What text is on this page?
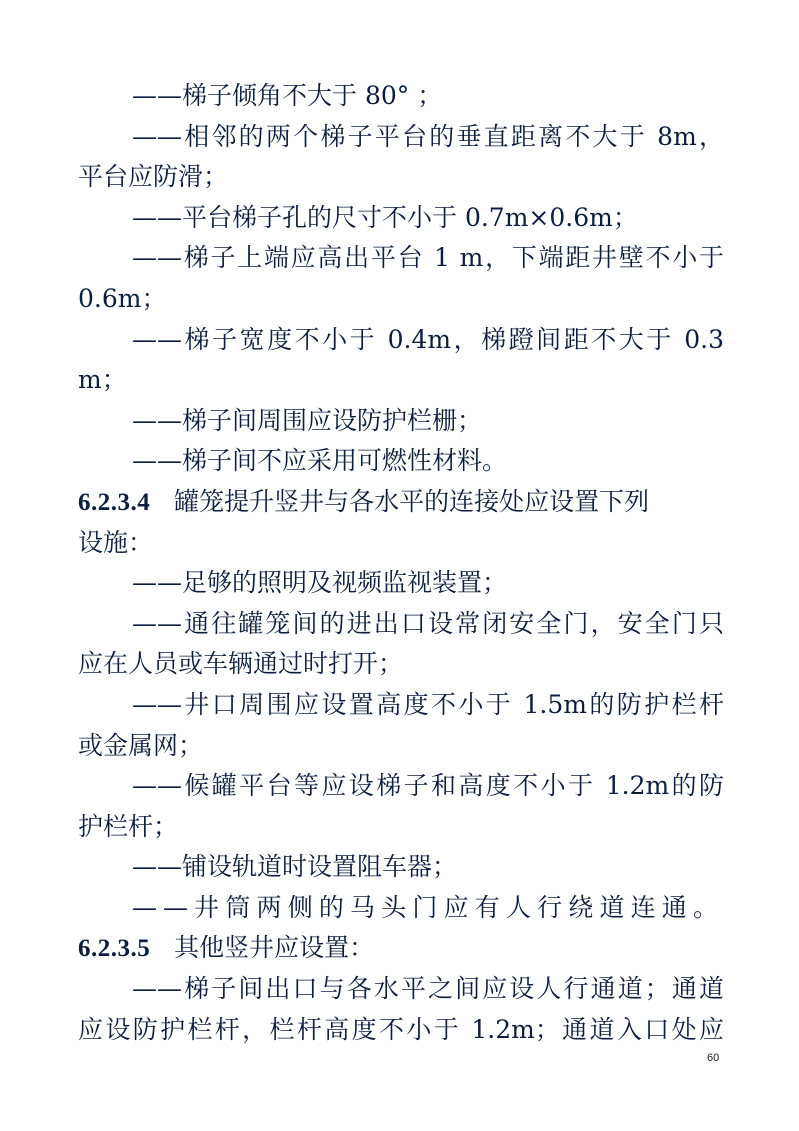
——梯子倾角不大于 80° ；
——相邻的两个梯子平台的垂直距离不大于 8m，
平台应防滑；
——平台梯子孔的尺寸不小于 0.7m×0.6m；
——梯子上端应高出平台 1 m，下端距井壁不小于
0.6m；
——梯子宽度不小于 0.4m，梯蹬间距不大于 0.3
m；
——梯子间周围应设防护栏栅；
——梯子间不应采用可燃性材料。
6.2.3.4 罐笼提升竖井与各水平的连接处应设置下列
设施：
——足够的照明及视频监视装置；
——通往罐笼间的进出口设常闭安全门，安全门只
应在人员或车辆通过时打开；
——井口周围应设置高度不小于 1.5m的防护栏杆
或金属网；
——候罐平台等应设梯子和高度不小于 1.2m的防
护栏杆；
——铺设轨道时设置阻车器；
——井筒两侧的马头门应有人行绕道连通。
6.2.3.5 其他竖井应设置：
——梯子间出口与各水平之间应设人行通道；通道
应设防护栏杆，栏杆高度不小于 1.2m；通道入口处应
60
